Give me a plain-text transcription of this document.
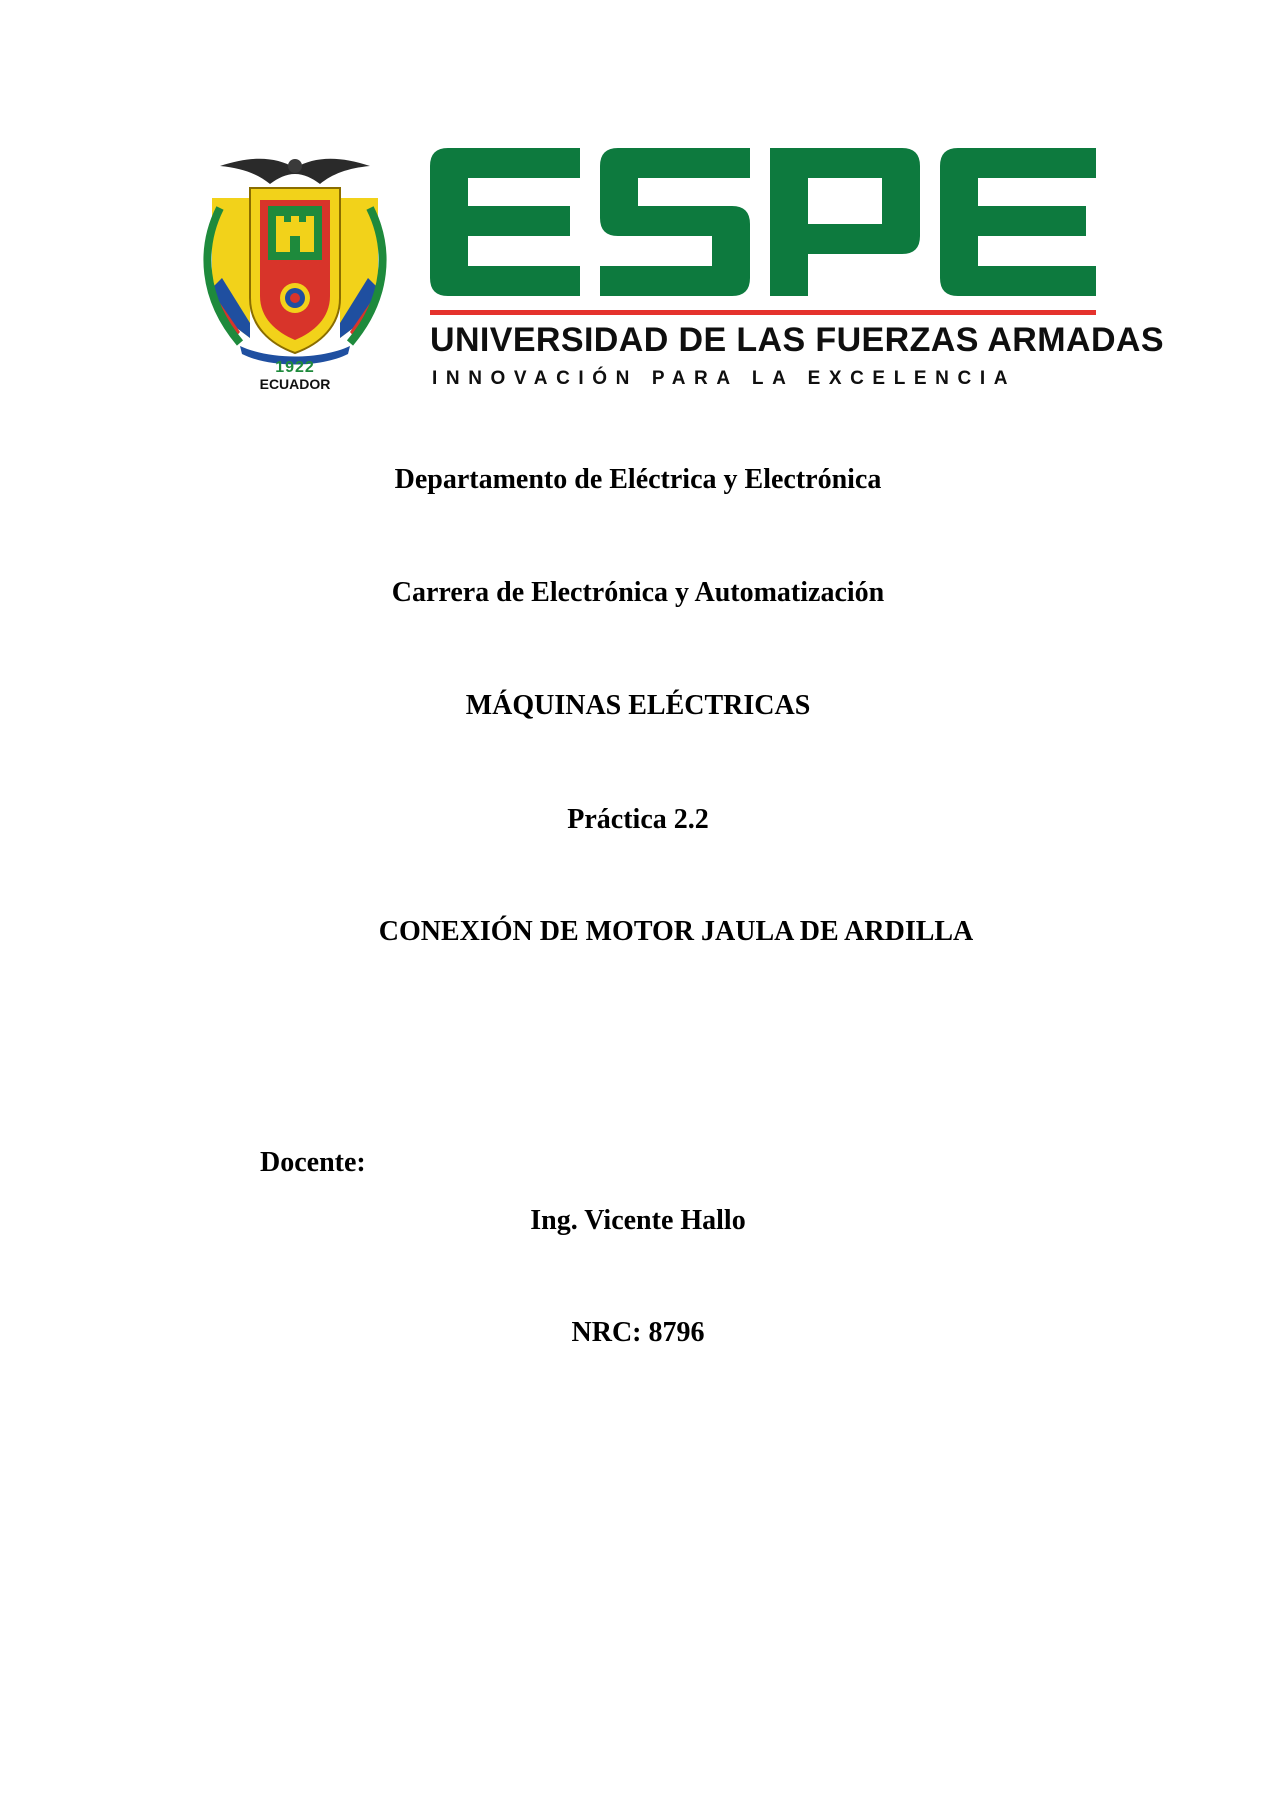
1922
ECUADOR
UNIVERSIDAD DE LAS FUERZAS ARMADAS
INNOVACIÓN PARA LA EXCELENCIA
Departamento de Eléctrica y Electrónica
Carrera de Electrónica y Automatización
MÁQUINAS ELÉCTRICAS
Práctica 2.2
CONEXIÓN DE MOTOR JAULA DE ARDILLA
Docente:
Ing. Vicente Hallo
NRC: 8796
